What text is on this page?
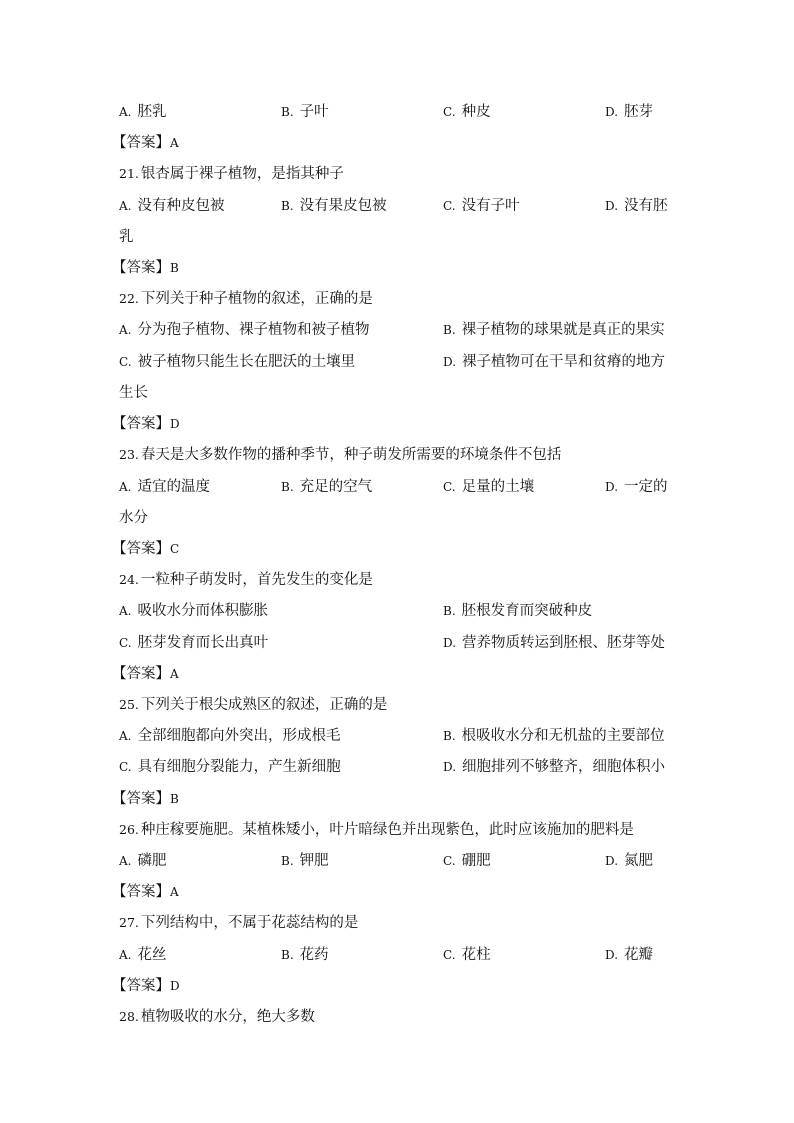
A. 胚乳	B. 子叶	C. 种皮	D. 胚芽
【答案】A
21. 银杏属于裸子植物，是指其种子
A. 没有种皮包被	B. 没有果皮包被	C. 没有子叶	D. 没有胚
乳
【答案】B
22. 下列关于种子植物的叙述，正确的是
A. 分为孢子植物、裸子植物和被子植物	B. 裸子植物的球果就是真正的果实
C. 被子植物只能生长在肥沃的土壤里	D. 裸子植物可在干旱和贫瘠的地方
生长
【答案】D
23. 春天是大多数作物的播种季节，种子萌发所需要的环境条件不包括
A. 适宜的温度	B. 充足的空气	C. 足量的土壤	D. 一定的
水分
【答案】C
24. 一粒种子萌发时，首先发生的变化是
A. 吸收水分而体积膨胀	B. 胚根发育而突破种皮
C. 胚芽发育而长出真叶	D. 营养物质转运到胚根、胚芽等处
【答案】A
25. 下列关于根尖成熟区的叙述，正确的是
A. 全部细胞都向外突出，形成根毛	B. 根吸收水分和无机盐的主要部位
C. 具有细胞分裂能力，产生新细胞	D. 细胞排列不够整齐，细胞体积小
【答案】B
26. 种庄稼要施肥。某植株矮小，叶片暗绿色并出现紫色，此时应该施加的肥料是
A. 磷肥	B. 钾肥	C. 硼肥	D. 氮肥
【答案】A
27. 下列结构中，不属于花蕊结构的是
A. 花丝	B. 花药	C. 花柱	D. 花瓣
【答案】D
28. 植物吸收的水分，绝大多数
